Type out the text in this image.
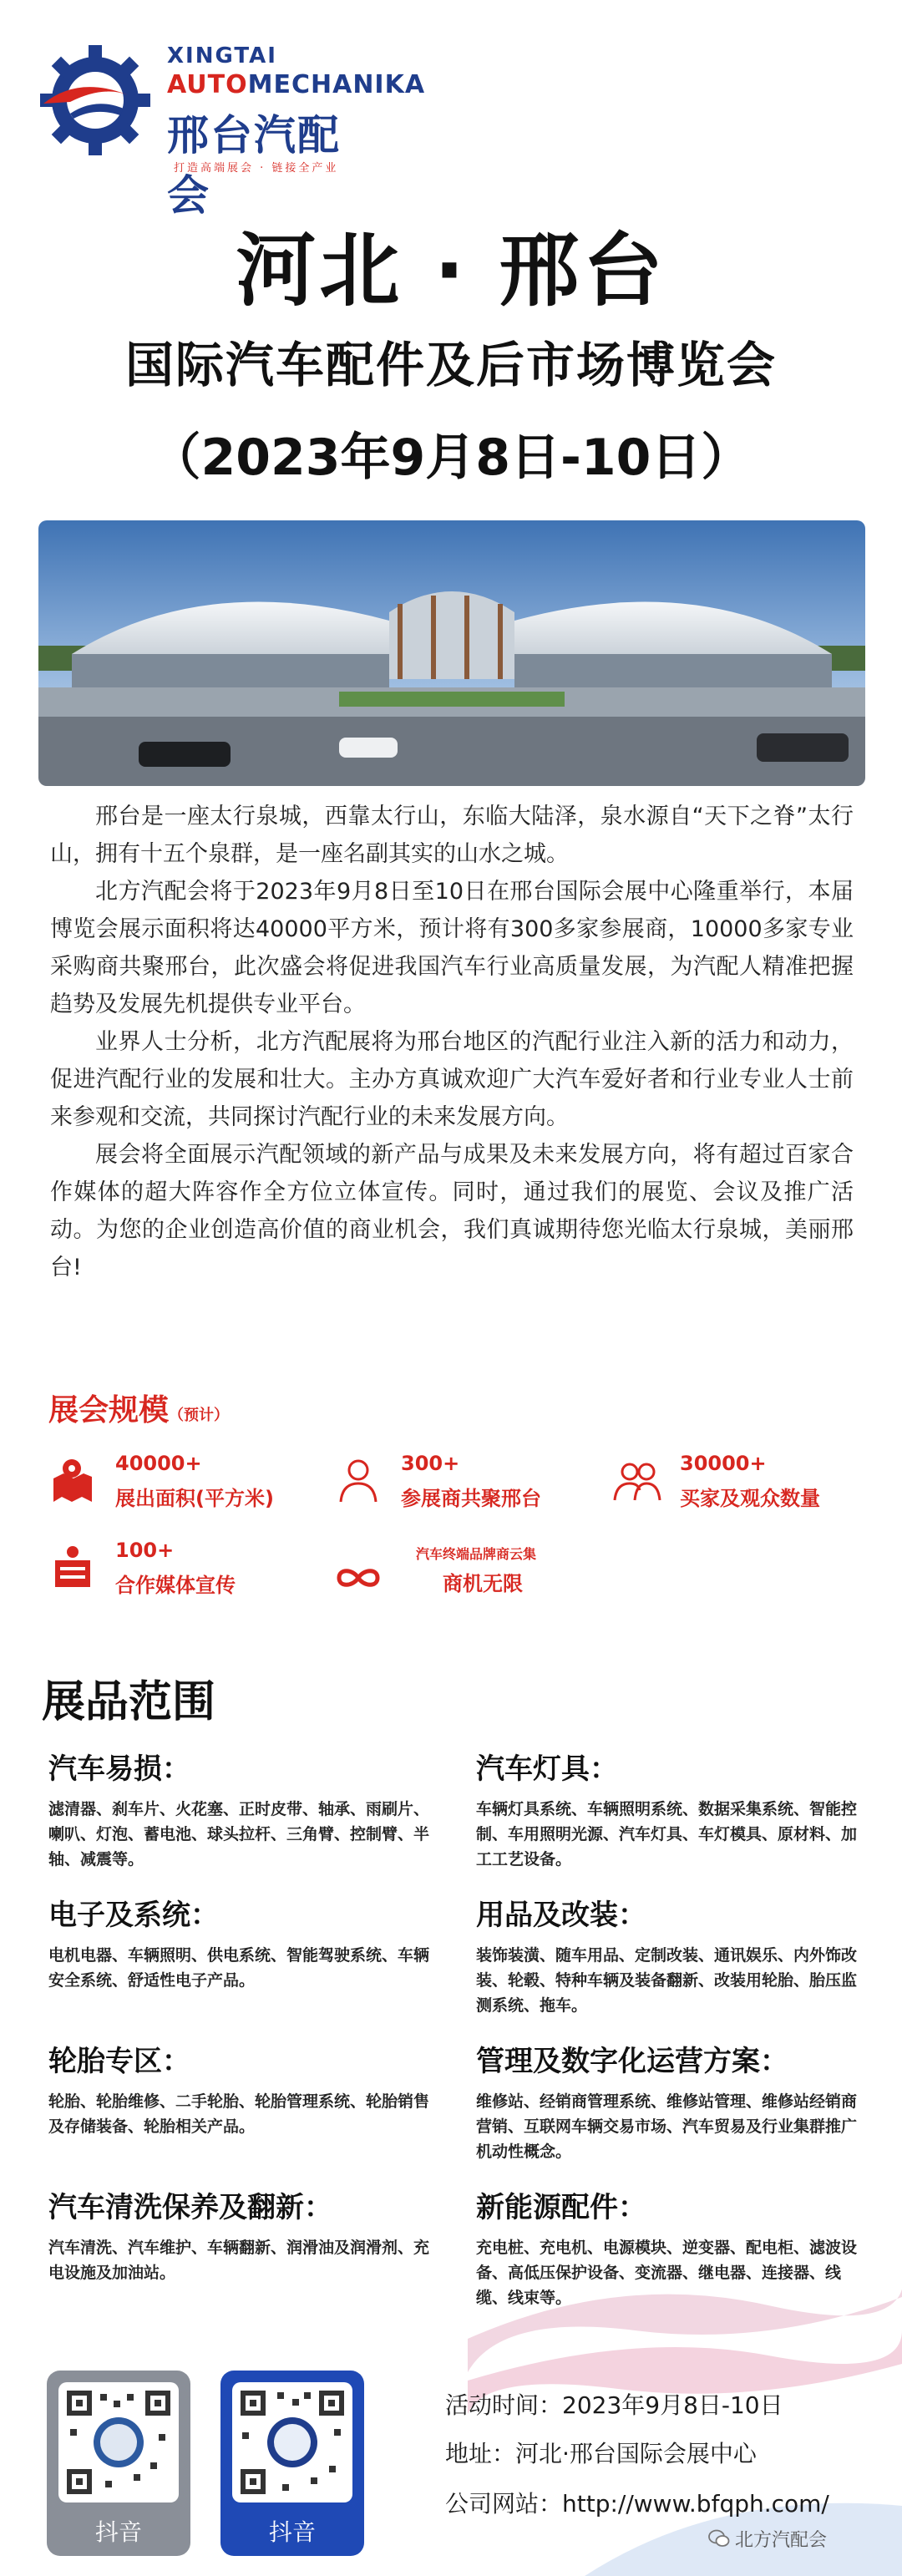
XINGTAI
AUTOMECHANIKA
邢台汽配会
打造高端展会 · 链接全产业
河北 · 邢台
国际汽车配件及后市场博览会
（2023年9月8日-10日）

邢台是一座太行泉城，西靠太行山，东临大陆泽，泉水源自“天下之脊”太行山，拥有十五个泉群，是一座名副其实的山水之城。

北方汽配会将于2023年9月8日至10日在邢台国际会展中心隆重举行，本届博览会展示面积将达40000平方米，预计将有300多家参展商，10000多家专业采购商共聚邢台，此次盛会将促进我国汽车行业高质量发展，为汽配人精准把握趋势及发展先机提供专业平台。

业界人士分析，北方汽配展将为邢台地区的汽配行业注入新的活力和动力，促进汽配行业的发展和壮大。主办方真诚欢迎广大汽车爱好者和行业专业人士前来参观和交流，共同探讨汽配行业的未来发展方向。

展会将全面展示汽配领域的新产品与成果及未来发展方向，将有超过百家合作媒体的超大阵容作全方位立体宣传。同时，通过我们的展览、会议及推广活动。为您的企业创造高价值的商业机会，我们真诚期待您光临太行泉城，美丽邢台!

展会规模（预计）
40000+
展出面积(平方米)
300+
参展商共聚邢台
30000+
买家及观众数量
100+
合作媒体宣传
汽车终端品牌商云集
商机无限
展品范围
汽车易损：

滤清器、刹车片、火花塞、正时皮带、轴承、雨刷片、喇叭、灯泡、蓄电池、球头拉杆、三角臂、控制臂、半轴、减震等。

汽车灯具：

车辆灯具系统、车辆照明系统、数据采集系统、智能控制、车用照明光源、汽车灯具、车灯模具、原材料、加工工艺设备。

电子及系统：

电机电器、车辆照明、供电系统、智能驾驶系统、车辆安全系统、舒适性电子产品。

用品及改装：

装饰装潢、随车用品、定制改装、通讯娱乐、内外饰改装、轮毂、特种车辆及装备翻新、改装用轮胎、胎压监测系统、拖车。

轮胎专区：

轮胎、轮胎维修、二手轮胎、轮胎管理系统、轮胎销售及存储装备、轮胎相关产品。

管理及数字化运营方案：

维修站、经销商管理系统、维修站管理、维修站经销商营销、互联网车辆交易市场、汽车贸易及行业集群推广机动性概念。

汽车清洗保养及翻新：

汽车清洗、汽车维护、车辆翻新、润滑油及润滑剂、充电设施及加油站。

新能源配件：

充电桩、充电机、电源模块、逆变器、配电柜、滤波设备、高低压保护设备、变流器、继电器、连接器、线缆、线束等。

抖音	抖音
活动时间：2023年9月8日-10日
地址：河北·邢台国际会展中心
公司网站：http://www.bfqph.com/
北方汽配会
